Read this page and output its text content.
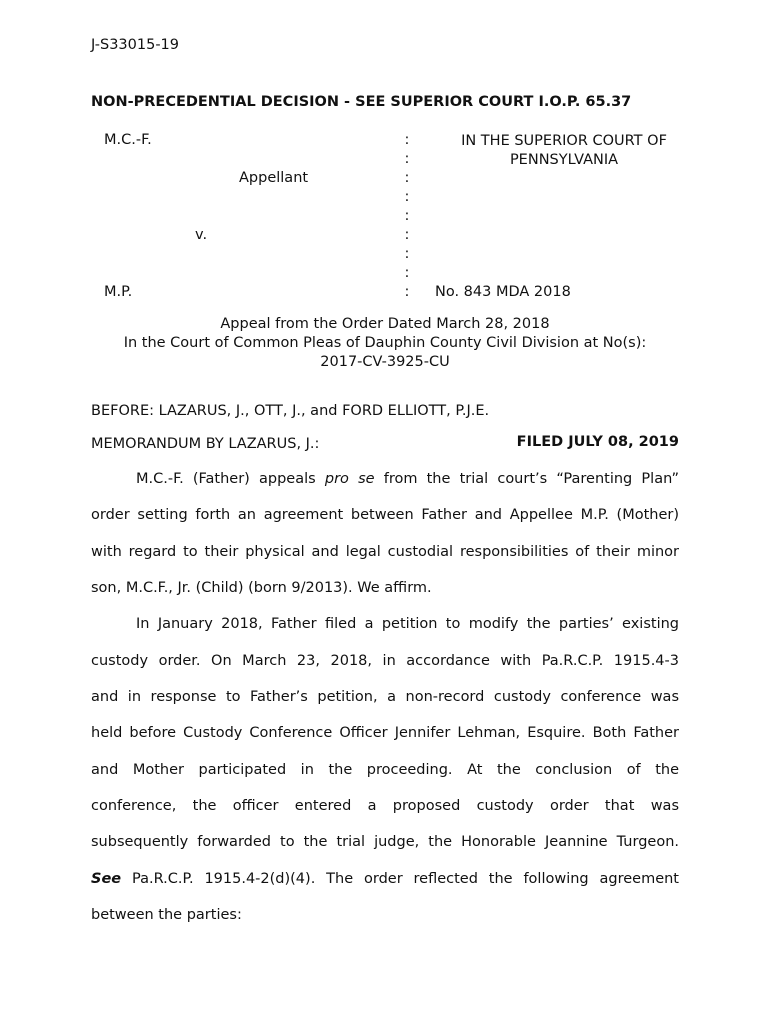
J-S33015-19
NON-PRECEDENTIAL DECISION - SEE SUPERIOR COURT I.O.P. 65.37
M.C.-F.
Appellant
v.
M.P.
:
:
:
:
:
:
:
:
:
IN THE SUPERIOR COURT OF
PENNSYLVANIA
No. 843 MDA 2018
Appeal from the Order Dated March 28, 2018
In the Court of Common Pleas of Dauphin County Civil Division at No(s):
2017-CV-3925-CU
BEFORE: LAZARUS, J., OTT, J., and FORD ELLIOTT, P.J.E.
MEMORANDUM BY LAZARUS, J.:	FILED JULY 08, 2019
M.C.-F. (Father) appeals pro se from the trial court’s “Parenting Plan”
order setting forth an agreement between Father and Appellee M.P. (Mother)
with regard to their physical and legal custodial responsibilities of their minor
son, M.C.F., Jr. (Child) (born 9/2013). We affirm.
In January 2018, Father filed a petition to modify the parties’ existing
custody order. On March 23, 2018, in accordance with Pa.R.C.P. 1915.4-3
and in response to Father’s petition, a non-record custody conference was
held before Custody Conference Officer Jennifer Lehman, Esquire. Both Father
and Mother participated in the proceeding. At the conclusion of the
conference, the officer entered a proposed custody order that was
subsequently forwarded to the trial judge, the Honorable Jeannine Turgeon.
See Pa.R.C.P. 1915.4-2(d)(4). The order reflected the following agreement
between the parties:
